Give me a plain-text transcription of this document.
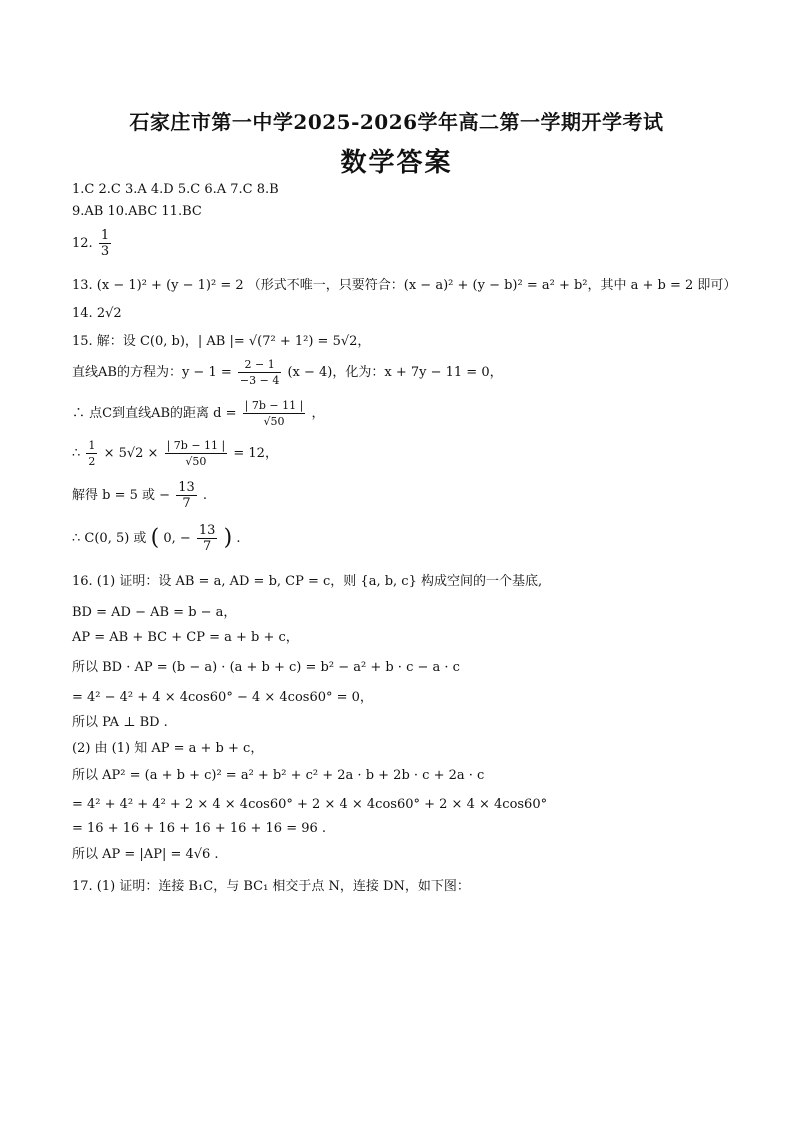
石家庄市第一中学2025-2026学年高二第一学期开学考试
数学答案
1.C 2.C 3.A 4.D 5.C 6.A 7.C 8.B
9.AB 10.ABC 11.BC
12. $\frac{1}{3}$
13. (x − 1)² + (y − 1)² = 2 （形式不唯一，只要符合：(x − a)² + (y − b)² = a² + b²，其中 a + b = 2 即可）
14. 2√2
15. 解：设 C(0, b)，| AB |= √(7² + 1²) = 5√2，
直线AB的方程为：$y - 1 = \frac{2 - 1}{-3 - 4} (x - 4)$，化为：x + 7y − 11 = 0，
∴ 点C到直线AB的距离 $d = \frac{| 7b - 11 |}{√50}$ ，
∴ $\frac{1}{2} \times 5√2 \times \frac{| 7b - 11 |}{√50} = 12$，
解得 b = 5 或 − $\frac{13}{7}$ .
∴ C(0, 5) 或 ( 0, − $\frac{13}{7}$ ) .
16. (1) 证明：设 AB = a, AD = b, CP = c，则 {a, b, c} 构成空间的一个基底,
BD = AD − AB = b − a，
AP = AB + BC + CP = a + b + c，
所以 BD · AP = (b − a) · (a + b + c) = b² − a² + b · c − a · c
= 4² − 4² + 4 × 4cos60° − 4 × 4cos60° = 0，
所以 PA ⊥ BD .
(2) 由 (1) 知 AP = a + b + c，
所以 AP² = (a + b + c)² = a² + b² + c² + 2a · b + 2b · c + 2a · c
= 4² + 4² + 4² + 2 × 4 × 4cos60° + 2 × 4 × 4cos60° + 2 × 4 × 4cos60°
= 16 + 16 + 16 + 16 + 16 + 16 = 96 .
所以 AP = |AP| = 4√6 .
17. (1) 证明：连接 B₁C，与 BC₁ 相交于点 N，连接 DN，如下图：
